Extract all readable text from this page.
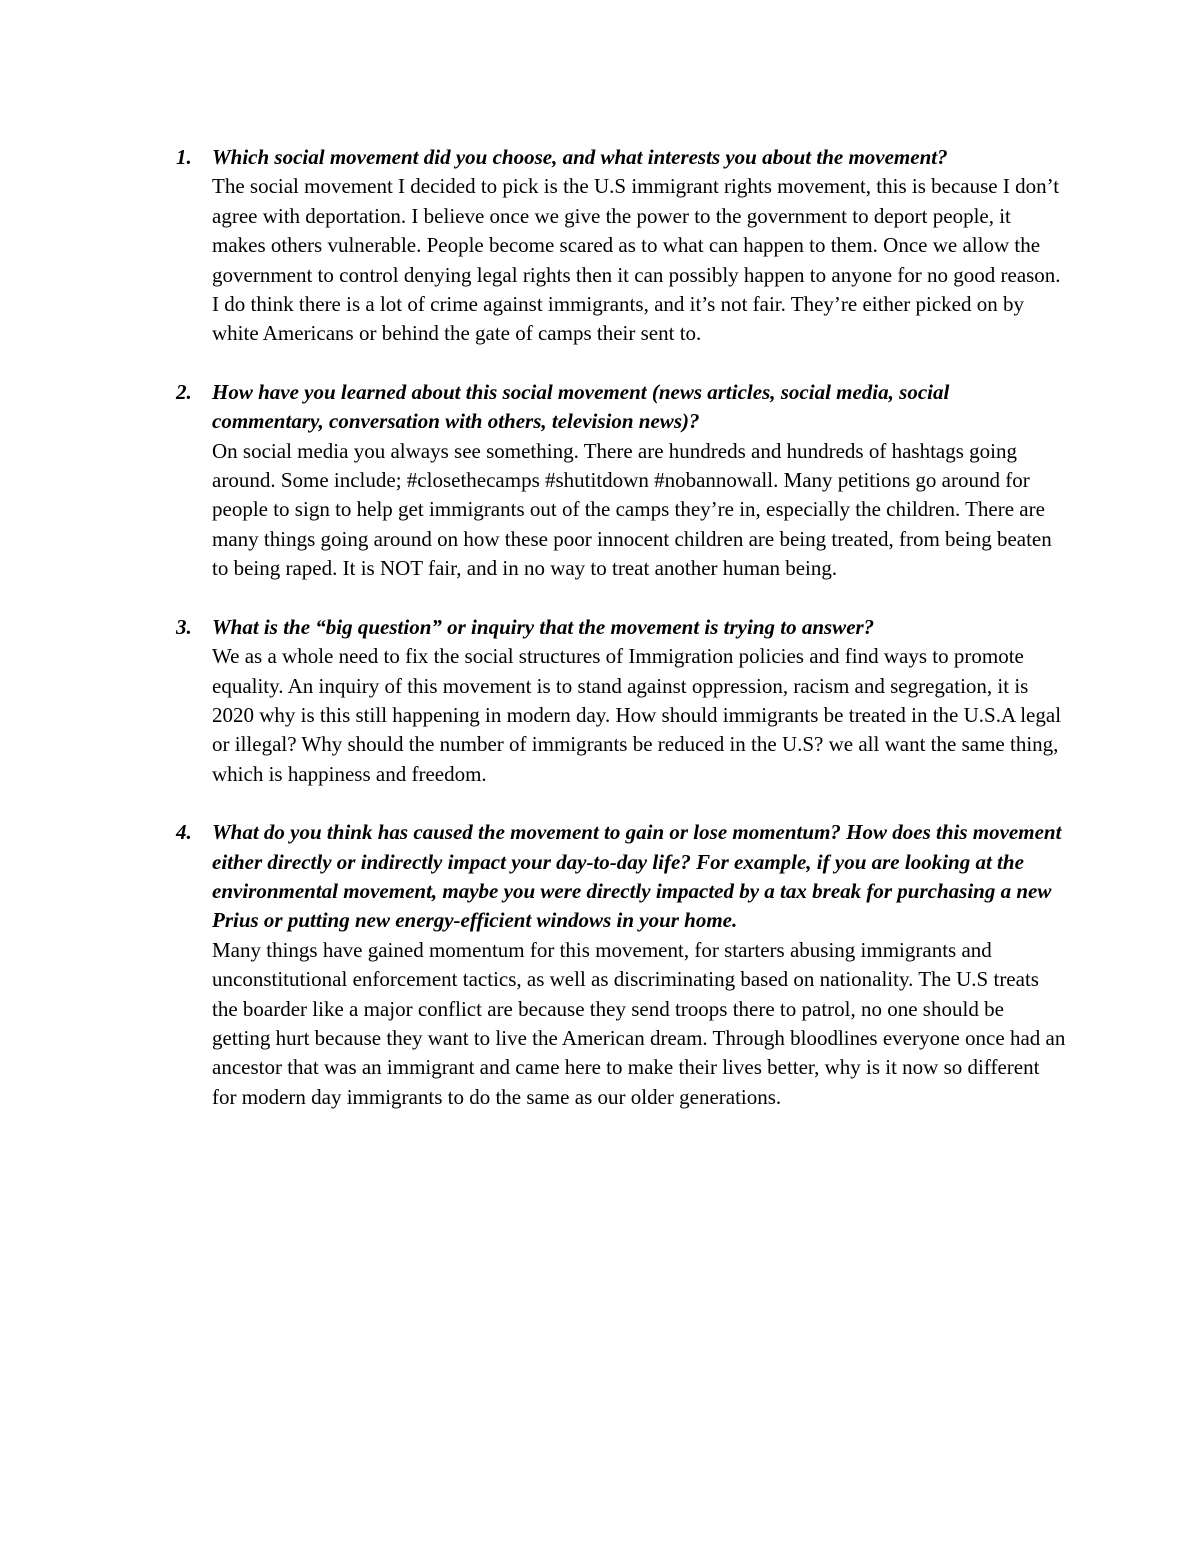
1. Which social movement did you choose, and what interests you about the movement?

The social movement I decided to pick is the U.S immigrant rights movement, this is because I don’t agree with deportation. I believe once we give the power to the government to deport people, it makes others vulnerable. People become scared as to what can happen to them. Once we allow the government to control denying legal rights then it can possibly happen to anyone for no good reason. I do think there is a lot of crime against immigrants, and it’s not fair. They’re either picked on by white Americans or behind the gate of camps their sent to.

2. How have you learned about this social movement (news articles, social media, social commentary, conversation with others, television news)?

On social media you always see something. There are hundreds and hundreds of hashtags going around. Some include; #closethecamps #shutitdown #nobannowall. Many petitions go around for people to sign to help get immigrants out of the camps they’re in, especially the children. There are many things going around on how these poor innocent children are being treated, from being beaten to being raped. It is NOT fair, and in no way to treat another human being.

3. What is the “big question” or inquiry that the movement is trying to answer?

We as a whole need to fix the social structures of Immigration policies and find ways to promote equality. An inquiry of this movement is to stand against oppression, racism and segregation, it is 2020 why is this still happening in modern day. How should immigrants be treated in the U.S.A legal or illegal? Why should the number of immigrants be reduced in the U.S? we all want the same thing, which is happiness and freedom.

4. What do you think has caused the movement to gain or lose momentum? How does this movement either directly or indirectly impact your day-to-day life? For example, if you are looking at the environmental movement, maybe you were directly impacted by a tax break for purchasing a new Prius or putting new energy-efficient windows in your home.

Many things have gained momentum for this movement, for starters abusing immigrants and unconstitutional enforcement tactics, as well as discriminating based on nationality. The U.S treats the boarder like a major conflict are because they send troops there to patrol, no one should be getting hurt because they want to live the American dream. Through bloodlines everyone once had an ancestor that was an immigrant and came here to make their lives better, why is it now so different for modern day immigrants to do the same as our older generations.
